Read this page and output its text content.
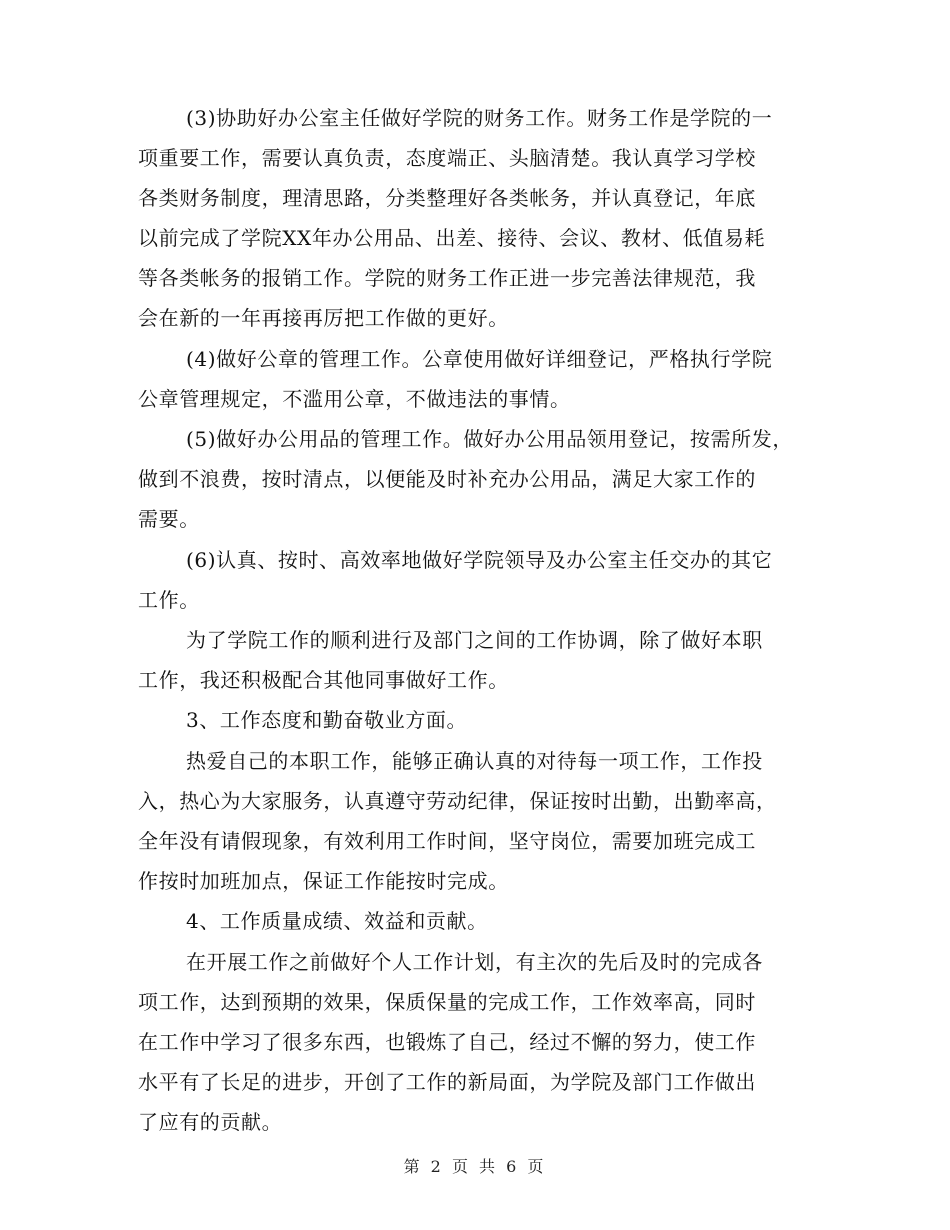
(3)协助好办公室主任做好学院的财务工作。财务工作是学院的一
项重要工作，需要认真负责，态度端正、头脑清楚。我认真学习学校
各类财务制度，理清思路，分类整理好各类帐务，并认真登记，年底
以前完成了学院XX年办公用品、出差、接待、会议、教材、低值易耗
等各类帐务的报销工作。学院的财务工作正进一步完善法律规范，我
会在新的一年再接再厉把工作做的更好。
(4)做好公章的管理工作。公章使用做好详细登记，严格执行学院
公章管理规定，不滥用公章，不做违法的事情。
(5)做好办公用品的管理工作。做好办公用品领用登记，按需所发，
做到不浪费，按时清点，以便能及时补充办公用品，满足大家工作的
需要。
(6)认真、按时、高效率地做好学院领导及办公室主任交办的其它
工作。
为了学院工作的顺利进行及部门之间的工作协调，除了做好本职
工作，我还积极配合其他同事做好工作。
3、工作态度和勤奋敬业方面。
热爱自己的本职工作，能够正确认真的对待每一项工作，工作投
入，热心为大家服务，认真遵守劳动纪律，保证按时出勤，出勤率高，
全年没有请假现象，有效利用工作时间，坚守岗位，需要加班完成工
作按时加班加点，保证工作能按时完成。
4、工作质量成绩、效益和贡献。
在开展工作之前做好个人工作计划，有主次的先后及时的完成各
项工作，达到预期的效果，保质保量的完成工作，工作效率高，同时
在工作中学习了很多东西，也锻炼了自己，经过不懈的努力，使工作
水平有了长足的进步，开创了工作的新局面，为学院及部门工作做出
了应有的贡献。
第 2 页 共 6 页
